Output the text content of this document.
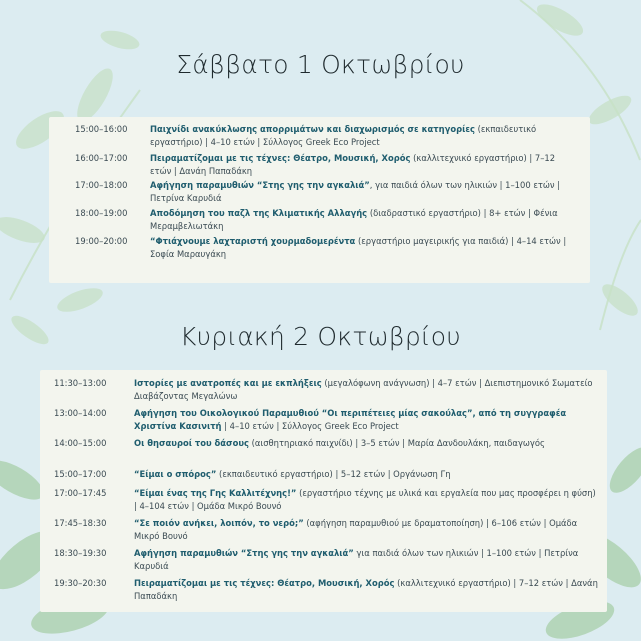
Σάββατο 1 Οκτωβρίου
15:00–16:00	Παιχνίδι ανακύκλωσης απορριμάτων και διαχωρισμός σε κατηγορίες (εκπαιδευτικό εργαστήριο) | 4–10 ετών | Σύλλογος Greek Eco Project
16:00–17:00	Πειραματίζομαι με τις τέχνες: Θέατρο, Μουσική, Χορός (καλλιτεχνικό εργαστήριο) | 7–12 ετών | Δανάη Παπαδάκη
17:00–18:00	Αφήγηση παραμυθιών “Στης γης την αγκαλιά”, για παιδιά όλων των ηλικιών | 1–100 ετών | Πετρίνα Καρυδιά
18:00–19:00	Αποδόμηση του παζλ της Κλιματικής Αλλαγής (διαδραστικό εργαστήριο) | 8+ ετών | Φένια Μεραμβελιωτάκη
19:00–20:00	“Φτιάχνουμε λαχταριστή χουρμαδομερέντα (εργαστήριο μαγειρικής για παιδιά) | 4–14 ετών | Σοφία Μαραυγάκη
Κυριακή 2 Οκτωβρίου
11:30–13:00	Ιστορίες με ανατροπές και με εκπλήξεις (μεγαλόφωνη ανάγνωση) | 4–7 ετών | Διεπιστημονικό Σωματείο Διαβάζοντας Μεγαλώνω
13:00–14:00	Αφήγηση του Οικολογικού Παραμυθιού “Οι περιπέτειες μίας σακούλας”, από τη συγγραφέα Χριστίνα Κασινιτή | 4–10 ετών | Σύλλογος Greek Eco Project
14:00–15:00	Οι θησαυροί του δάσους (αισθητηριακό παιχνίδι) | 3–5 ετών | Μαρία Δανδουλάκη, παιδαγωγός
15:00–17:00	“Είμαι ο σπόρος” (εκπαιδευτικό εργαστήριο) | 5–12 ετών | Οργάνωση Γη
17:00–17:45	“Είμαι ένας της Γης Καλλιτέχνης!” (εργαστήριο τέχνης με υλικά και εργαλεία που μας προσφέρει η φύση) | 4–104 ετών | Ομάδα Μικρό Βουνό
17:45–18:30	“Σε ποιόν ανήκει, λοιπόν, το νερό;” (αφήγηση παραμυθιού με δραματοποίηση) | 6–106 ετών | Ομάδα Μικρό Βουνό
18:30–19:30	Αφήγηση παραμυθιών “Στης γης την αγκαλιά” για παιδιά όλων των ηλικιών | 1–100 ετών | Πετρίνα Καρυδιά
19:30–20:30	Πειραματίζομαι με τις τέχνες: Θέατρο, Μουσική, Χορός (καλλιτεχνικό εργαστήριο) | 7–12 ετών | Δανάη Παπαδάκη
